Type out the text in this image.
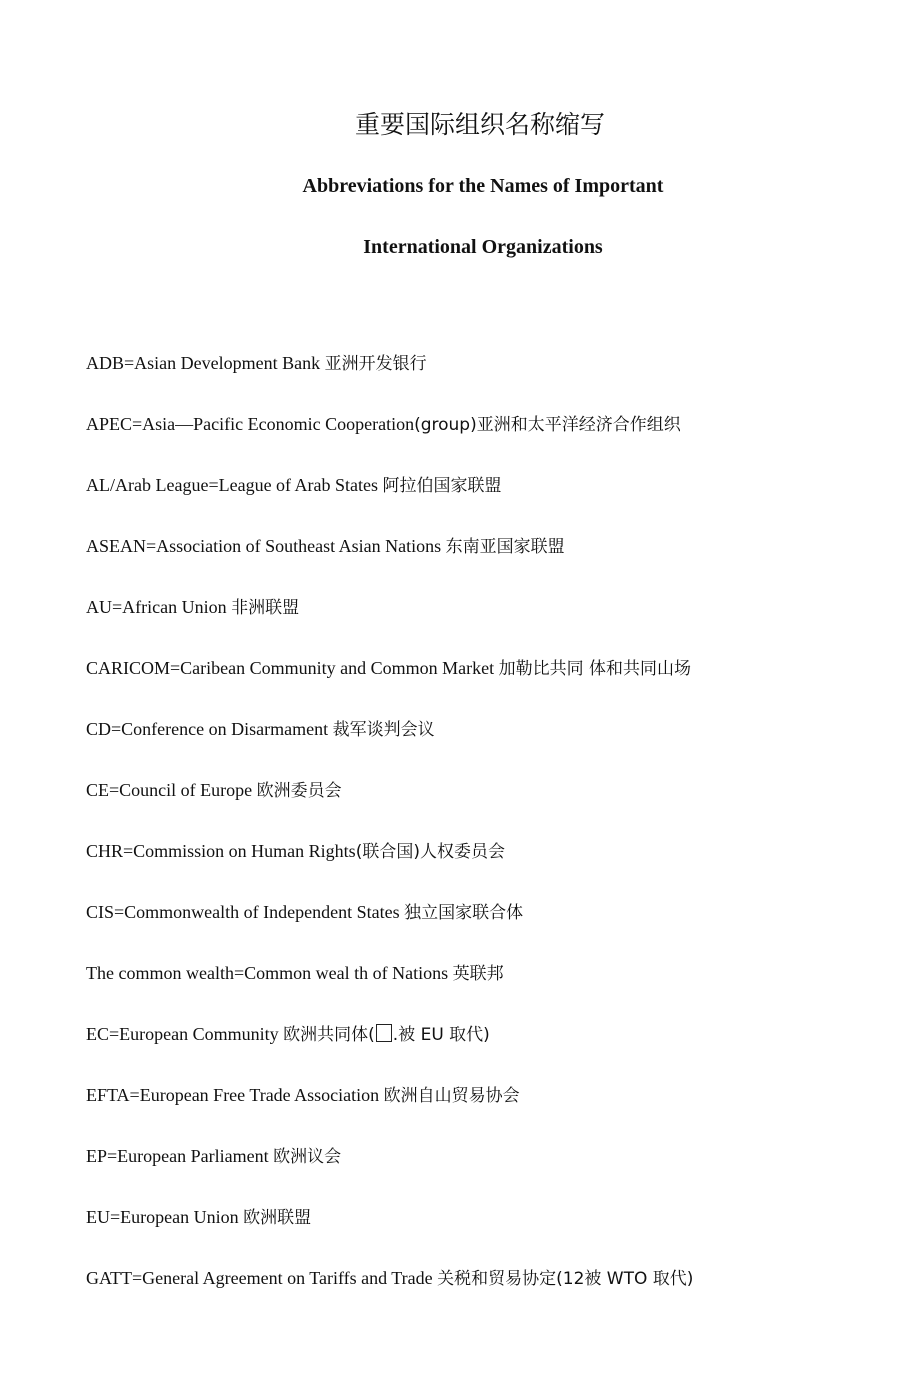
重要国际组织名称缩写
Abbreviations for the Names of Important
International Organizations
ADB=Asian Development Bank 亚洲开发银行
APEC=Asia—Pacific Economic Cooperation(group)亚洲和太平洋经济合作组织
AL/Arab League=League of Arab States 阿拉伯国家联盟
ASEAN=Association of Southeast Asian Nations 东南亚国家联盟
AU=African Union 非洲联盟
CARICOM=Caribean Community and Common Market 加勒比共同 体和共同山场
CD=Conference on Disarmament 裁军谈判会议
CE=Council of Europe 欧洲委员会
CHR=Commission on Human Rights(联合国)人权委员会
CIS=Commonwealth of Independent States 独立国家联合体
The common wealth=Common weal th of Nations 英联邦
EC=European Community 欧洲共同体( .被 EU 取代)
EFTA=European Free Trade Association 欧洲自山贸易协会
EP=European Parliament 欧洲议会
EU=European Union 欧洲联盟
GATT=General Agreement on Tariffs and Trade 关税和贸易协定(12被 WTO 取代)
